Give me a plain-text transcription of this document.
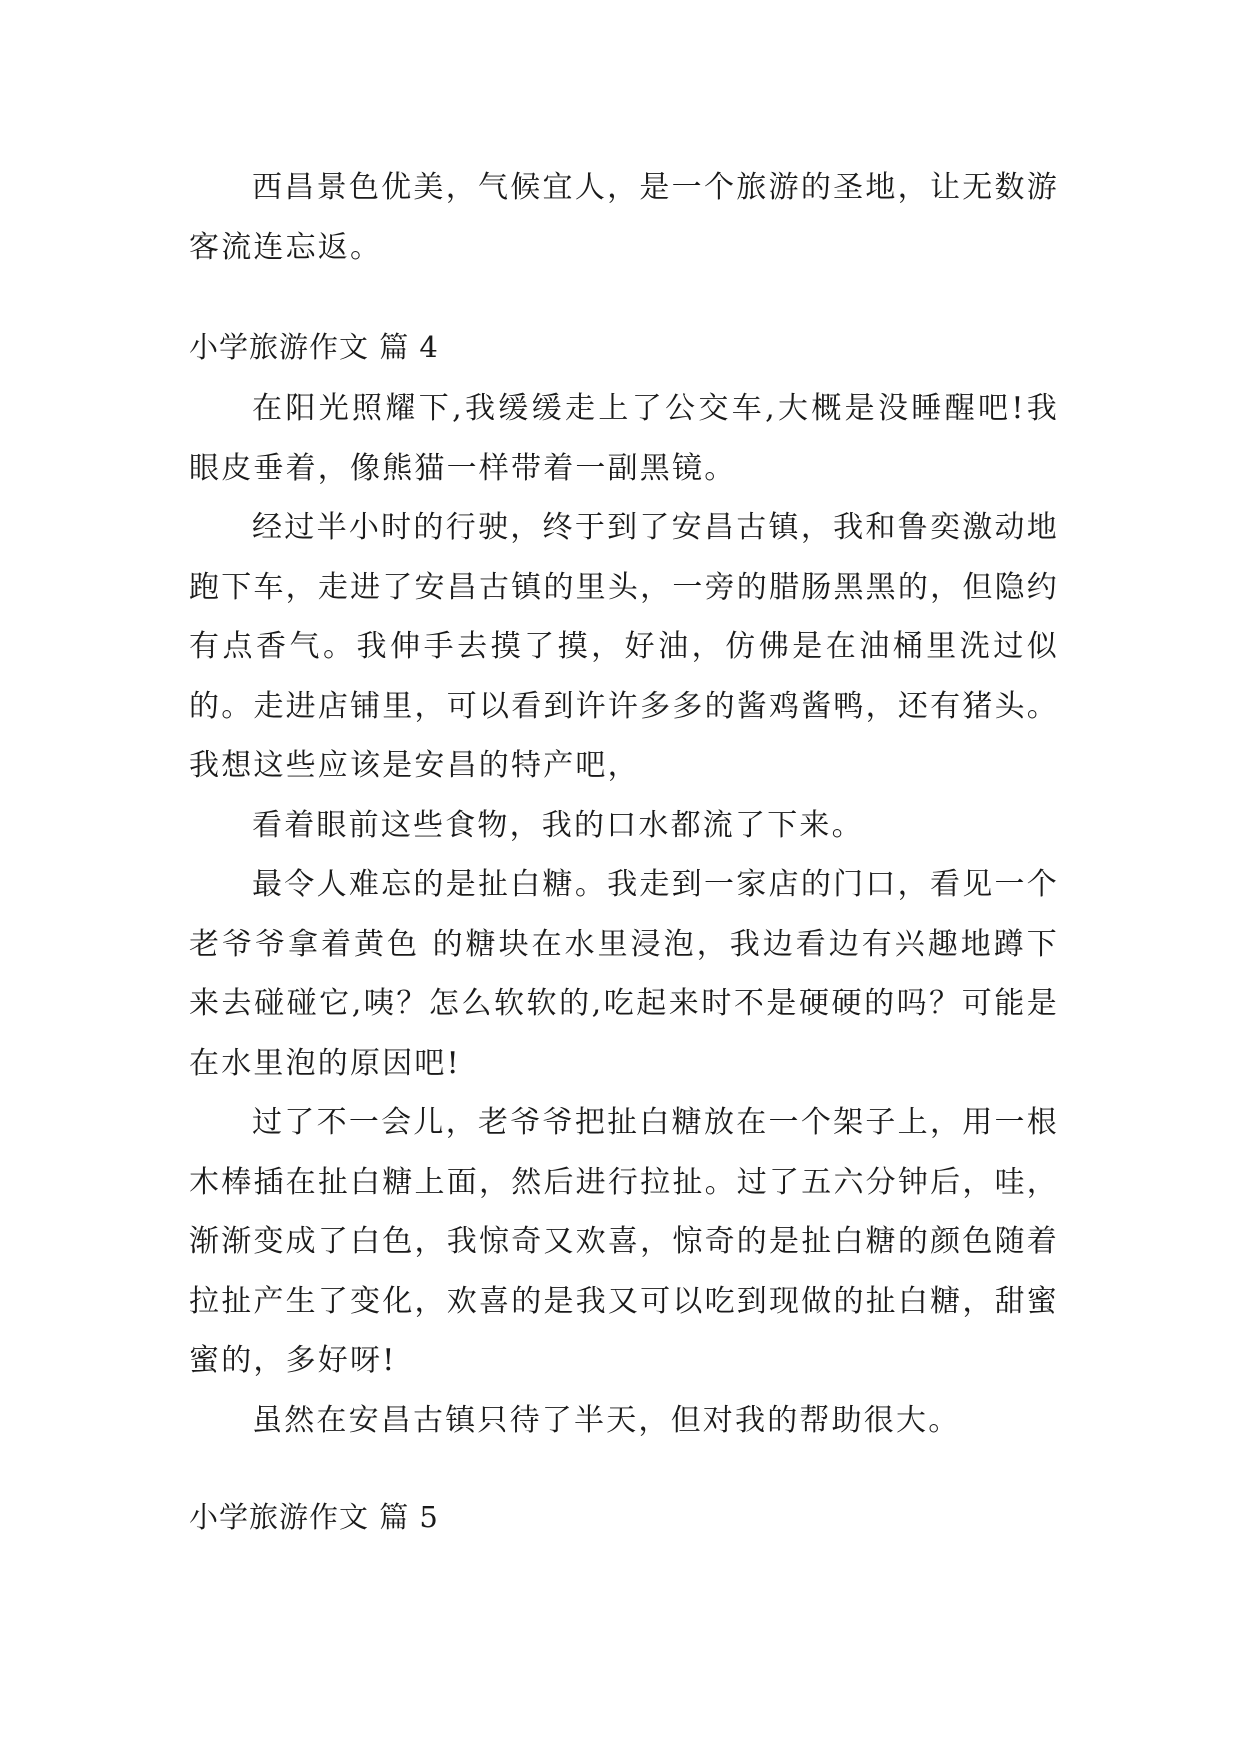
西昌景色优美，气候宜人，是一个旅游的圣地，让无数游客流连忘返。

小学旅游作文 篇 4

在阳光照耀下,我缓缓走上了公交车,大概是没睡醒吧!我眼皮垂着，像熊猫一样带着一副黑镜。

经过半小时的行驶，终于到了安昌古镇，我和鲁奕激动地跑下车，走进了安昌古镇的里头，一旁的腊肠黑黑的，但隐约有点香气。我伸手去摸了摸，好油，仿佛是在油桶里洗过似的。走进店铺里，可以看到许许多多的酱鸡酱鸭，还有猪头。我想这些应该是安昌的特产吧，

看着眼前这些食物，我的口水都流了下来。

最令人难忘的是扯白糖。我走到一家店的门口，看见一个老爷爷拿着黄色 的糖块在水里浸泡，我边看边有兴趣地蹲下来去碰碰它,咦？怎么软软的,吃起来时不是硬硬的吗？可能是在水里泡的原因吧!

过了不一会儿，老爷爷把扯白糖放在一个架子上，用一根木棒插在扯白糖上面，然后进行拉扯。过了五六分钟后，哇，渐渐变成了白色，我惊奇又欢喜，惊奇的是扯白糖的颜色随着拉扯产生了变化，欢喜的是我又可以吃到现做的扯白糖，甜蜜蜜的，多好呀!

虽然在安昌古镇只待了半天，但对我的帮助很大。

小学旅游作文 篇 5
